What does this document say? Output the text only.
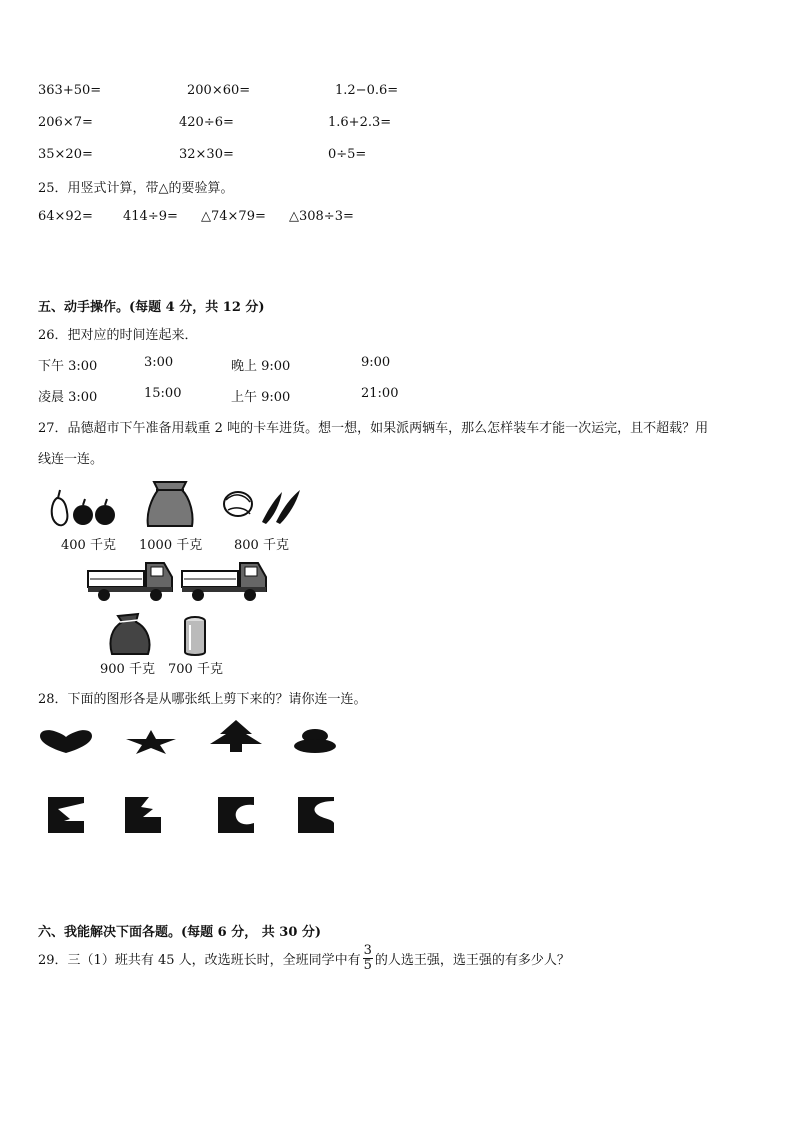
363+50=	200×60=	1.2−0.6=
206×7=	420÷6=	1.6+2.3=
35×20=	32×30=	0÷5=
25．用竖式计算，带△的要验算。
64×92= 414÷9= △74×79= △308÷3=
五、动手操作。(每题 4 分，共 12 分)
26．把对应的时间连起来．
下午 3:00	3:00	晚上 9:00	9:00
凌晨 3:00	15:00	上午 9:00	21:00
27．品德超市下午准备用载重 2 吨的卡车进货。想一想，如果派两辆车，那么怎样装车才能一次运完，且不超载？用
线连一连。
400 千克 1000 千克 800 千克
900 千克 700 千克
28．下面的图形各是从哪张纸上剪下来的？请你连一连。
六、我能解决下面各题。(每题 6 分， 共 30 分)
29．三（1）班共有 45 人，改选班长时，全班同学中有 $\frac{3}{5}$ 的人选王强，选王强的有多少人？
